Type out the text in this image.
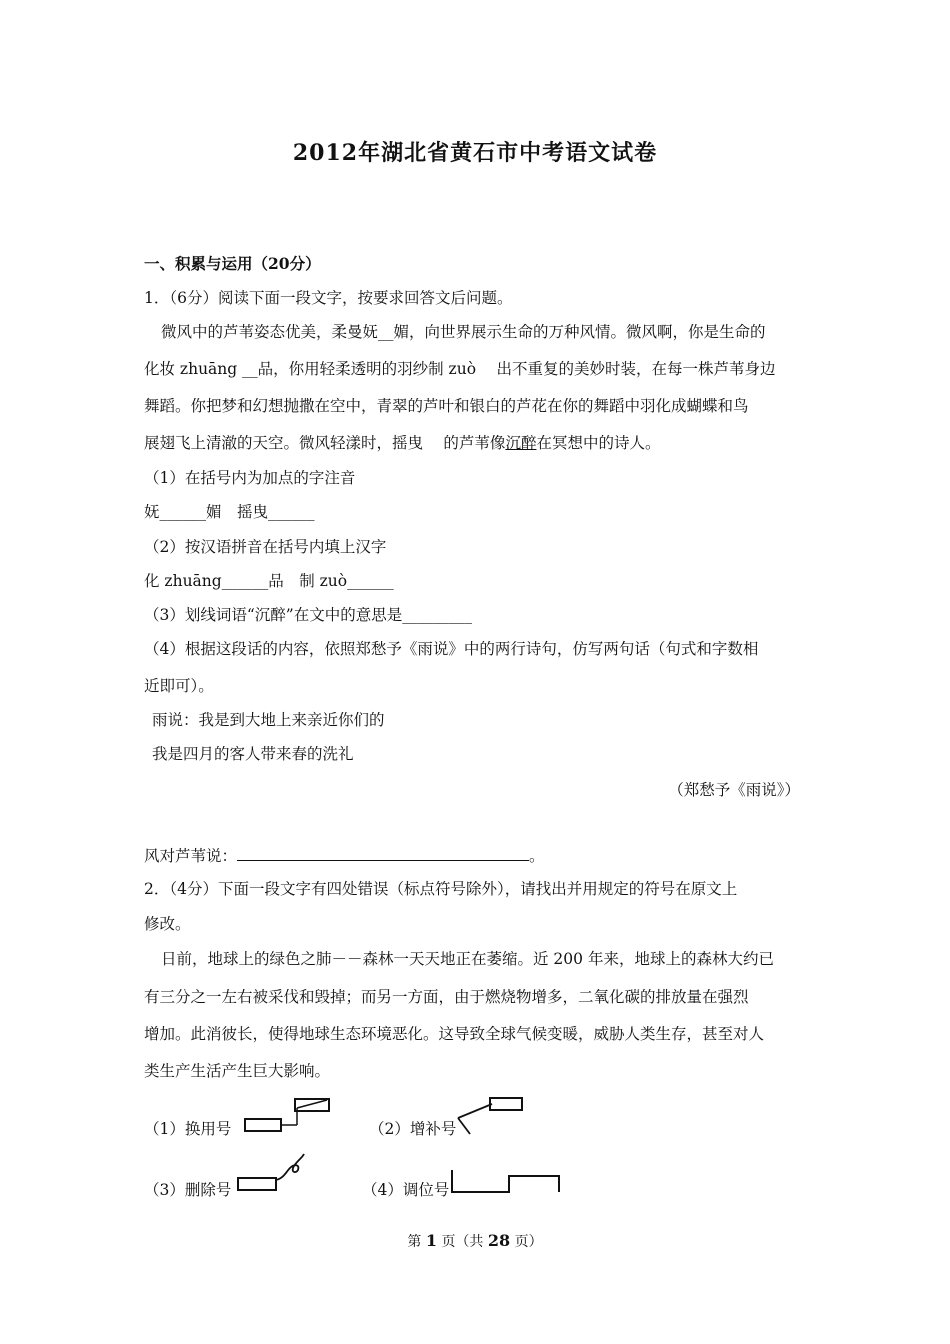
2012年湖北省黄石市中考语文试卷
一、积累与运用（20分）
1．（6分）阅读下面一段文字，按要求回答文后问题。
微风中的芦苇姿态优美，柔曼妩__媚，向世界展示生命的万种风情。微风啊，你是生命的
化妆 zhuāng __品，你用轻柔透明的羽纱制 zuò 　出不重复的美妙时装，在每一株芦苇身边
舞蹈。你把梦和幻想抛撒在空中，青翠的芦叶和银白的芦花在你的舞蹈中羽化成蝴蝶和鸟
展翅飞上清澈的天空。微风轻漾时，摇曳　 的芦苇像沉醉在冥想中的诗人。
（1）在括号内为加点的字注音
妩______媚　摇曳______
（2）按汉语拼音在括号内填上汉字
化 zhuāng______品　制 zuò______
（3）划线词语“沉醉”在文中的意思是_________
（4）根据这段话的内容，依照郑愁予《雨说》中的两行诗句，仿写两句话（句式和字数相
近即可）。
雨说：我是到大地上来亲近你们的
我是四月的客人带来春的洗礼
（郑愁予《雨说》）
风对芦苇说：	。
2．（4分）下面一段文字有四处错误（标点符号除外），请找出并用规定的符号在原文上
修改。
日前，地球上的绿色之肺－－森林一天天地正在萎缩。近 200 年来，地球上的森林大约已
有三分之一左右被采伐和毁掉；而另一方面，由于燃烧物增多，二氧化碳的排放量在强烈
增加。此消彼长，使得地球生态环境恶化。这导致全球气候变暖，威胁人类生存，甚至对人
类生产生活产生巨大影响。
（1）换用号	（2）增补号
（3）删除号	（4）调位号
第 1 页（共 28 页）
